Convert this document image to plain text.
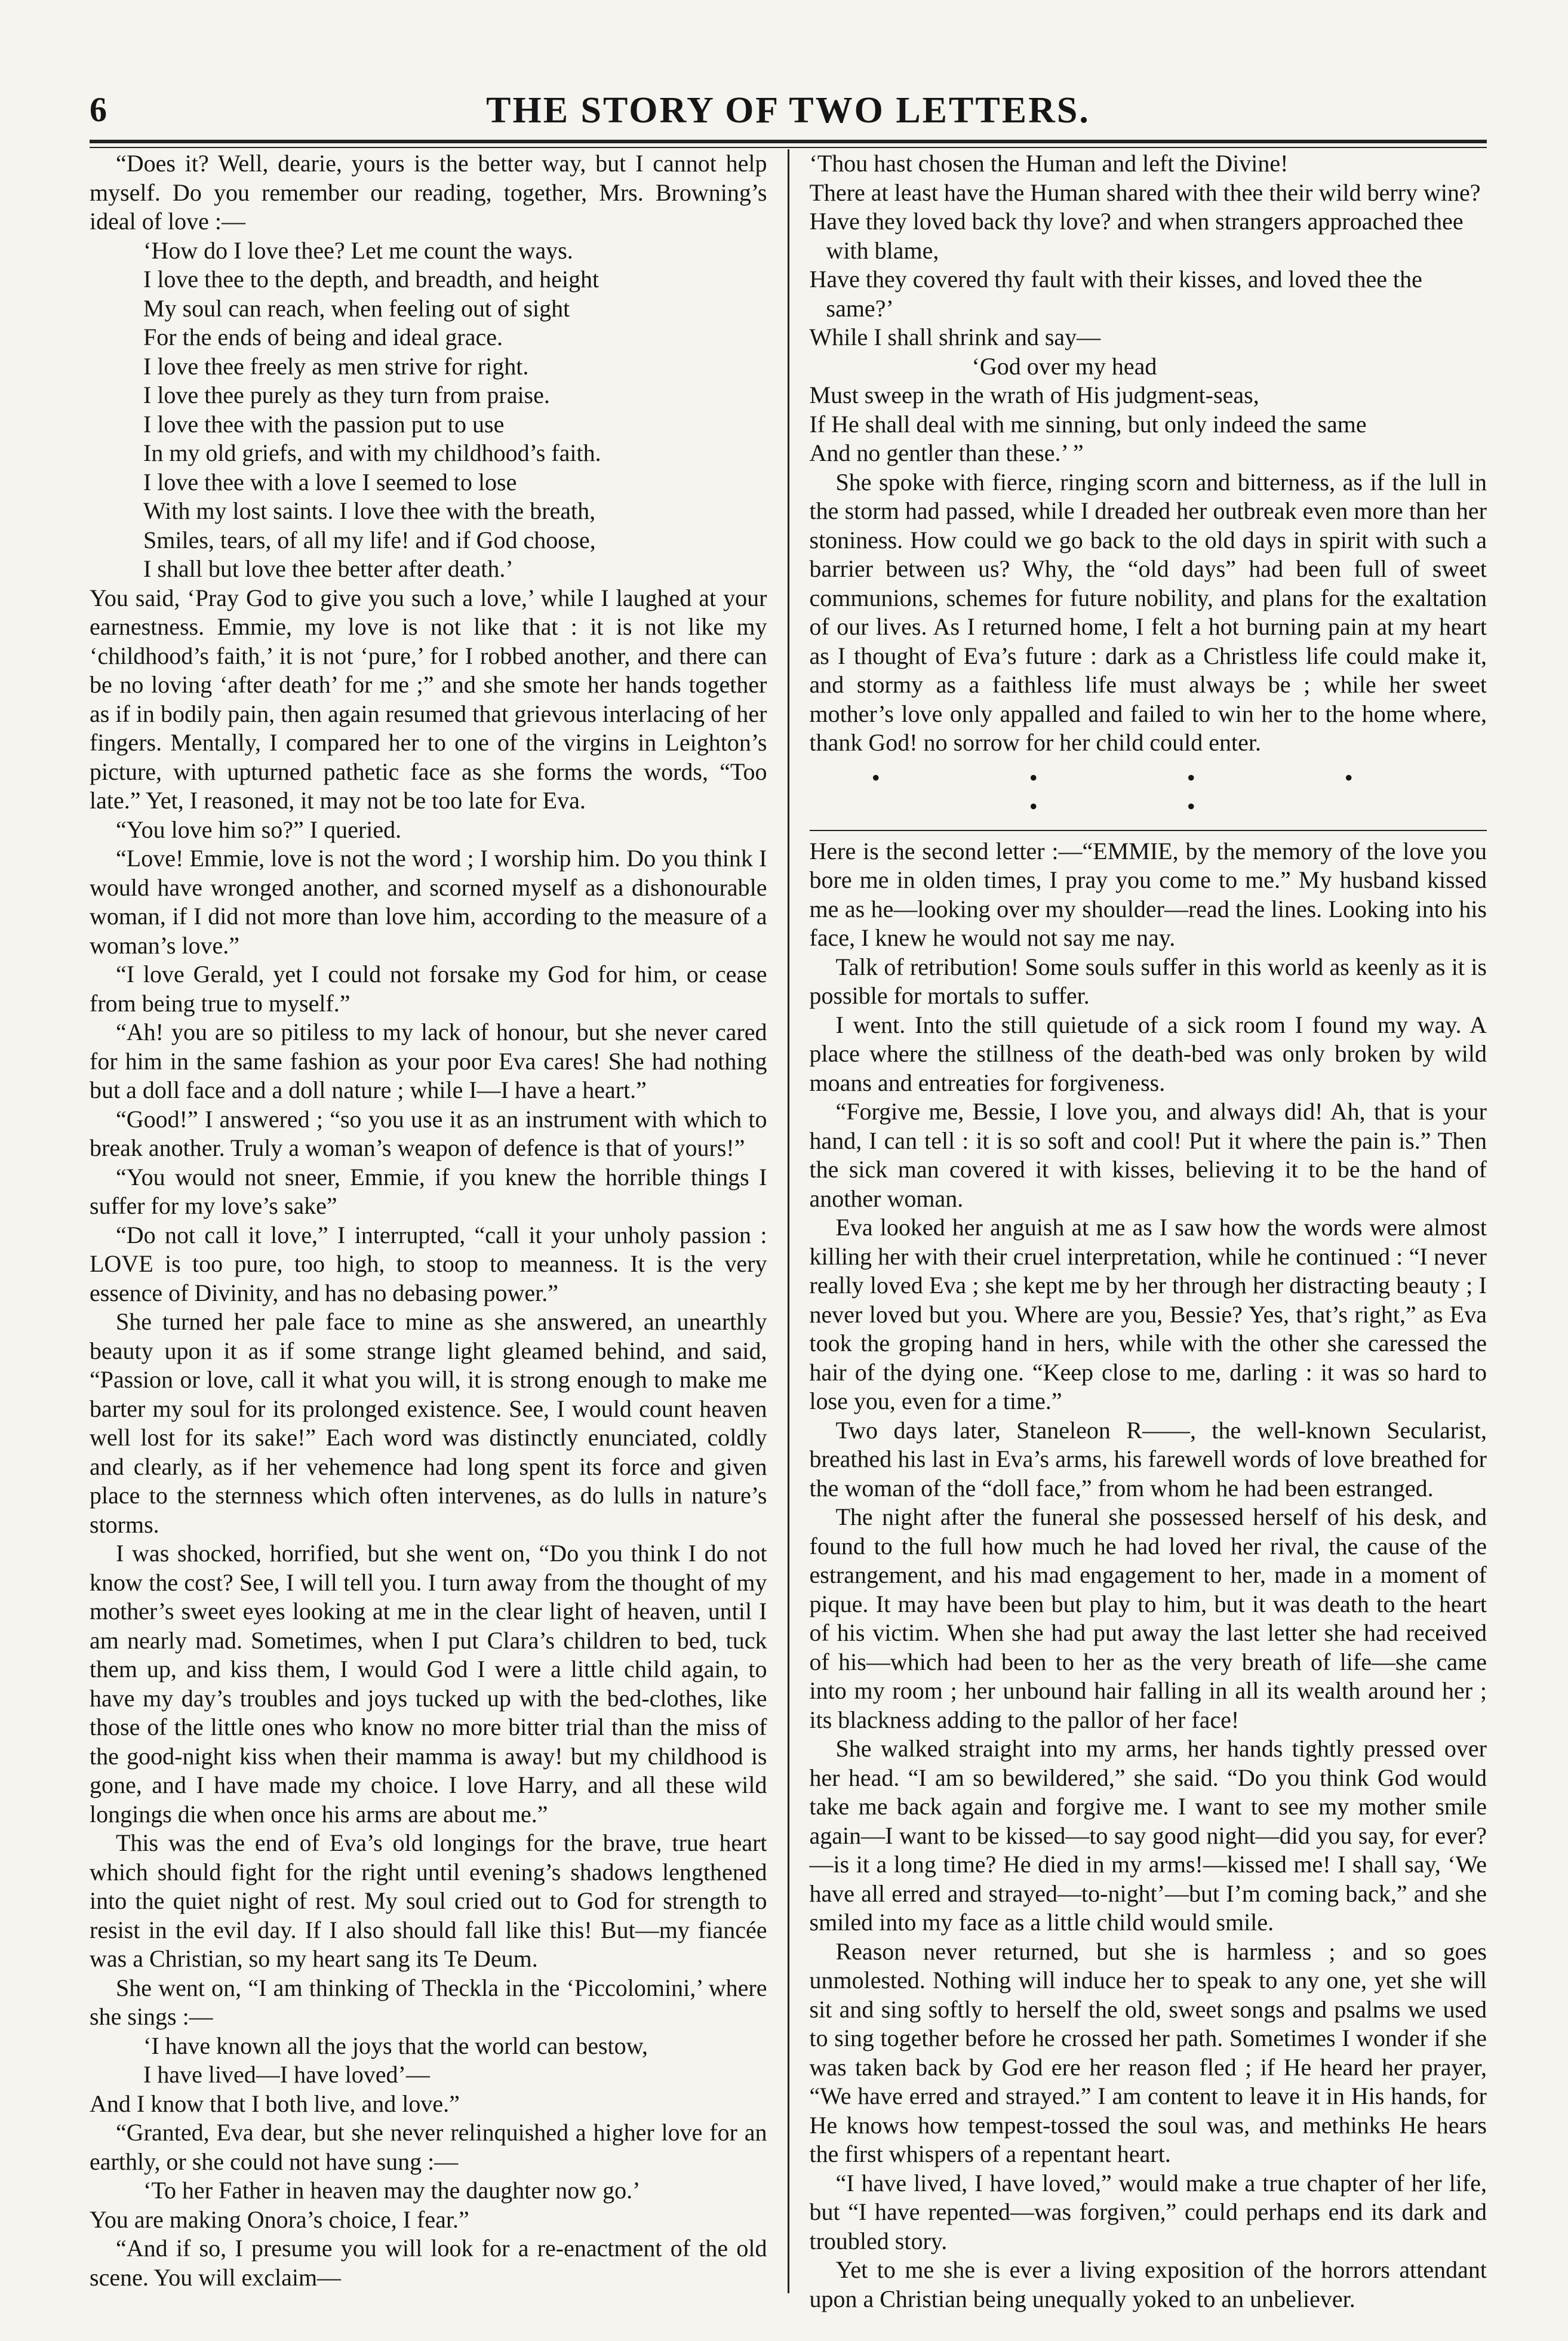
6	THE STORY OF TWO LETTERS.

“Does it? Well, dearie, yours is the better way, but I cannot help myself. Do you remember our reading, together, Mrs. Browning’s ideal of love :—

‘How do I love thee? Let me count the ways.
I love thee to the depth, and breadth, and height
My soul can reach, when feeling out of sight
For the ends of being and ideal grace.
I love thee freely as men strive for right.
I love thee purely as they turn from praise.
I love thee with the passion put to use
In my old griefs, and with my childhood’s faith.
I love thee with a love I seemed to lose
With my lost saints. I love thee with the breath,
Smiles, tears, of all my life! and if God choose,
I shall but love thee better after death.’

You said, ‘Pray God to give you such a love,’ while I laughed at your earnestness. Emmie, my love is not like that : it is not like my ‘childhood’s faith,’ it is not ‘pure,’ for I robbed another, and there can be no loving ‘after death’ for me ;” and she smote her hands together as if in bodily pain, then again resumed that grievous interlacing of her fingers. Mentally, I compared her to one of the virgins in Leighton’s picture, with upturned pathetic face as she forms the words, “Too late.” Yet, I reasoned, it may not be too late for Eva.

“You love him so?” I queried.

“Love! Emmie, love is not the word ; I worship him. Do you think I would have wronged another, and scorned myself as a dishonourable woman, if I did not more than love him, according to the measure of a woman’s love.”

“I love Gerald, yet I could not forsake my God for him, or cease from being true to myself.”

“Ah! you are so pitiless to my lack of honour, but she never cared for him in the same fashion as your poor Eva cares! She had nothing but a doll face and a doll nature ; while I—I have a heart.”

“Good!” I answered ; “so you use it as an instrument with which to break another. Truly a woman’s weapon of defence is that of yours!”

“You would not sneer, Emmie, if you knew the horrible things I suffer for my love’s sake”

“Do not call it love,” I interrupted, “call it your unholy passion : LOVE is too pure, too high, to stoop to meanness. It is the very essence of Divinity, and has no debasing power.”

She turned her pale face to mine as she answered, an unearthly beauty upon it as if some strange light gleamed behind, and said, “Passion or love, call it what you will, it is strong enough to make me barter my soul for its prolonged existence. See, I would count heaven well lost for its sake!” Each word was distinctly enunciated, coldly and clearly, as if her vehemence had long spent its force and given place to the sternness which often intervenes, as do lulls in nature’s storms.

I was shocked, horrified, but she went on, “Do you think I do not know the cost? See, I will tell you. I turn away from the thought of my mother’s sweet eyes looking at me in the clear light of heaven, until I am nearly mad. Sometimes, when I put Clara’s children to bed, tuck them up, and kiss them, I would God I were a little child again, to have my day’s troubles and joys tucked up with the bed-clothes, like those of the little ones who know no more bitter trial than the miss of the good-night kiss when their mamma is away! but my childhood is gone, and I have made my choice. I love Harry, and all these wild longings die when once his arms are about me.”

This was the end of Eva’s old longings for the brave, true heart which should fight for the right until evening’s shadows lengthened into the quiet night of rest. My soul cried out to God for strength to resist in the evil day. If I also should fall like this! But—my fiancée was a Christian, so my heart sang its Te Deum.

She went on, “I am thinking of Theckla in the ‘Piccolomini,’ where she sings :—

‘I have known all the joys that the world can bestow,
I have lived—I have loved’—

And I know that I both live, and love.”

“Granted, Eva dear, but she never relinquished a higher love for an earthly, or she could not have sung :—

‘To her Father in heaven may the daughter now go.’

You are making Onora’s choice, I fear.”

“And if so, I presume you will look for a re-enactment of the old scene. You will exclaim—

‘Thou hast chosen the Human and left the Divine!
There at least have the Human shared with thee their wild berry wine?
Have they loved back thy love? and when strangers approached thee with blame,
Have they covered thy fault with their kisses, and loved thee the same?’
While I shall shrink and say—
‘God over my head
Must sweep in the wrath of His judgment-seas,
If He shall deal with me sinning, but only indeed the same
And no gentler than these.’ ”

She spoke with fierce, ringing scorn and bitterness, as if the lull in the storm had passed, while I dreaded her outbreak even more than her stoniness. How could we go back to the old days in spirit with such a barrier between us? Why, the “old days” had been full of sweet communions, schemes for future nobility, and plans for the exaltation of our lives. As I returned home, I felt a hot burning pain at my heart as I thought of Eva’s future : dark as a Christless life could make it, and stormy as a faithless life must always be ; while her sweet mother’s love only appalled and failed to win her to the home where, thank God! no sorrow for her child could enter.

• • • • • •

Here is the second letter :—“EMMIE, by the memory of the love you bore me in olden times, I pray you come to me.” My husband kissed me as he—looking over my shoulder—read the lines. Looking into his face, I knew he would not say me nay.

Talk of retribution! Some souls suffer in this world as keenly as it is possible for mortals to suffer.

I went. Into the still quietude of a sick room I found my way. A place where the stillness of the death-bed was only broken by wild moans and entreaties for forgiveness.

“Forgive me, Bessie, I love you, and always did! Ah, that is your hand, I can tell : it is so soft and cool! Put it where the pain is.” Then the sick man covered it with kisses, believing it to be the hand of another woman.

Eva looked her anguish at me as I saw how the words were almost killing her with their cruel interpretation, while he continued : “I never really loved Eva ; she kept me by her through her distracting beauty ; I never loved but you. Where are you, Bessie? Yes, that’s right,” as Eva took the groping hand in hers, while with the other she caressed the hair of the dying one. “Keep close to me, darling : it was so hard to lose you, even for a time.”

Two days later, Staneleon R——, the well-known Secularist, breathed his last in Eva’s arms, his farewell words of love breathed for the woman of the “doll face,” from whom he had been estranged.

The night after the funeral she possessed herself of his desk, and found to the full how much he had loved her rival, the cause of the estrangement, and his mad engagement to her, made in a moment of pique. It may have been but play to him, but it was death to the heart of his victim. When she had put away the last letter she had received of his—which had been to her as the very breath of life—she came into my room ; her unbound hair falling in all its wealth around her ; its blackness adding to the pallor of her face!

She walked straight into my arms, her hands tightly pressed over her head. “I am so bewildered,” she said. “Do you think God would take me back again and forgive me. I want to see my mother smile again—I want to be kissed—to say good night—did you say, for ever?—is it a long time? He died in my arms!—kissed me! I shall say, ‘We have all erred and strayed—to-night’—but I’m coming back,” and she smiled into my face as a little child would smile.

Reason never returned, but she is harmless ; and so goes unmolested. Nothing will induce her to speak to any one, yet she will sit and sing softly to herself the old, sweet songs and psalms we used to sing together before he crossed her path. Sometimes I wonder if she was taken back by God ere her reason fled ; if He heard her prayer, “We have erred and strayed.” I am content to leave it in His hands, for He knows how tempest-tossed the soul was, and methinks He hears the first whispers of a repentant heart.

“I have lived, I have loved,” would make a true chapter of her life, but “I have repented—was forgiven,” could perhaps end its dark and troubled story.

Yet to me she is ever a living exposition of the horrors attendant upon a Christian being unequally yoked to an unbeliever.
